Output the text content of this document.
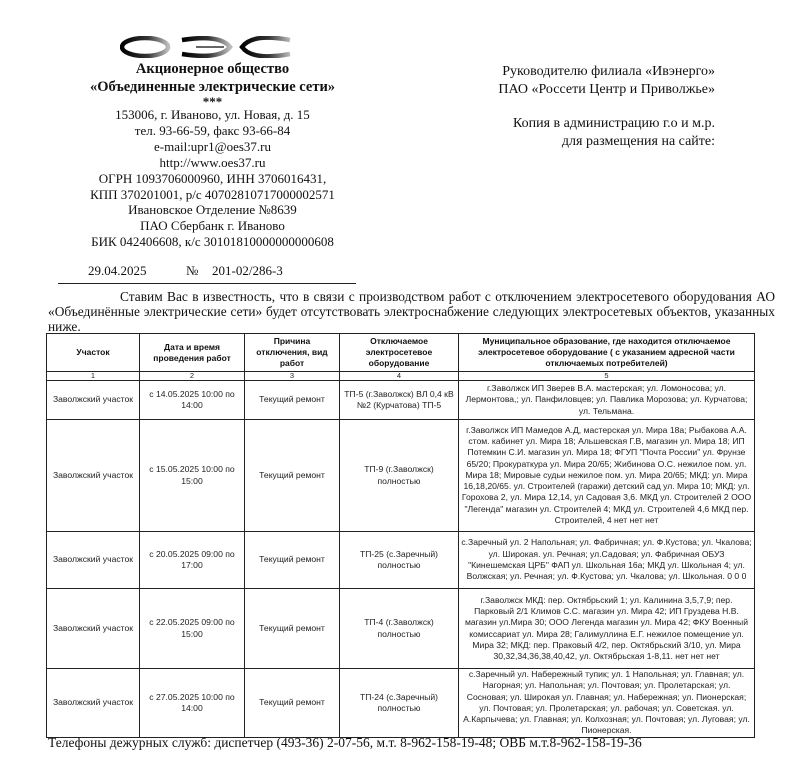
Акционерное общество
«Объединенные электрические сети»
***
153006, г. Иваново, ул. Новая, д. 15
тел. 93-66-59, факс 93-66-84
e-mail:upr1@oes37.ru
http://www.oes37.ru
ОГРН 1093706000960, ИНН 3706016431,
КПП 370201001, р/с 40702810717000002571
Ивановское Отделение №8639
ПАО Сбербанк г. Иваново
БИК 042406608, к/с 30101810000000000608
29.04.2025	№ 201-02/286-3
Руководителю филиала «Ивэнерго»
ПАО «Россети Центр и Приволжье»
Копия в администрацию г.о и м.р.
для размещения на сайте:
Ставим Вас в известность, что в связи с производством работ с отключением электросетевого оборудования АО «Объединённые электрические сети» будет отсутствовать электроснабжение следующих электросетевых объектов, указанных ниже.
Участок	Дата и время проведения работ	Причина отключения, вид работ	Отключаемое электросетевое оборудование	Муниципальное образование, где находится отключаемое электросетевое оборудование ( с указанием адресной части отключаемых потребителей)
1	2	3	4	5
Заволжский участок	с 14.05.2025 10:00 по 14:00	Текущий ремонт	ТП-5 (г.Заволжск) ВЛ 0,4 кВ №2 (Курчатова) ТП-5	г.Заволжск ИП Зверев В.А. мастерская; ул. Ломоносова; ул. Лермонтова,; ул. Панфиловцев; ул. Павлика Морозова; ул. Курчатова; ул. Тельмана.
Заволжский участок	с 15.05.2025 10:00 по 15:00	Текущий ремонт	ТП-9 (г.Заволжск) полностью	г.Заволжск ИП Мамедов А.Д, мастерская ул. Мира 18а; Рыбакова А.А. стом. кабинет ул. Мира 18; Альшевская Г.В, магазин ул. Мира 18; ИП Потемкин С.И. магазин ул. Мира 18; ФГУП "Почта России" ул. Фрунзе 65/20; Прокураткура ул. Мира 20/65; Жибинова О.С. нежилое пом. ул. Мира 18; Мировые судьи нежилое пом. ул. Мира 20/65; МКД: ул. Мира 16,18,20/65. ул. Строителей (гаражи) детский сад ул. Мира 10; МКД: ул. Горохова 2, ул. Мира 12,14, ул Садовая 3,6. МКД ул. Строителей 2 ООО "Легенда" магазин ул. Строителей 4; МКД ул. Строителей 4,6 МКД пер. Строителей, 4 нет нет нет
Заволжский участок	с 20.05.2025 09:00 по 17:00	Текущий ремонт	ТП-25 (с.Заречный) полностью	с.Заречный ул. 2 Напольная; ул. Фабричная; ул. Ф.Кустова; ул. Чкалова; ул. Широкая. ул. Речная; ул.Садовая; ул. Фабричная ОБУЗ "Кинешемская ЦРБ" ФАП ул. Школьная 16а; МКД ул. Школьная 4; ул. Волжская; ул. Речная; ул. Ф.Кустова; ул. Чкалова; ул. Школьная. 0 0 0
Заволжский участок	с 22.05.2025 09:00 по 15:00	Текущий ремонт	ТП-4 (г.Заволжск) полностью	г.Заволжск МКД: пер. Октябрьский 1; ул. Калинина 3,5,7,9; пер. Парковый 2/1 Климов С.С. магазин ул. Мира 42; ИП Груздева Н.В. магазин ул.Мира 30; ООО Легенда магазин ул. Мира 42; ФКУ Военный комиссариат ул. Мира 28; Галимуллина Е.Г. нежилое помещение ул. Мира 32; МКД: пер. Праковый 4/2, пер. Октябрьский 3/10, ул. Мира 30,32,34,36,38,40,42, ул. Октябрьская 1-8,11. нет нет нет
Заволжский участок	с 27.05.2025 10:00 по 14:00	Текущий ремонт	ТП-24 (с.Заречный) полностью	с.Заречный ул. Набережный тупик; ул. 1 Напольная; ул. Главная; ул. Нагорная; ул. Напольная; ул. Почтовая; ул. Пролетарская; ул. Сосновая; ул. Широкая ул. Главная; ул. Набережная; ул. Пионерская; ул. Почтовая; ул. Пролетарская; ул. рабочая; ул. Советская. ул. А.Карпычева; ул. Главная; ул. Колхозная; ул. Почтовая; ул. Луговая; ул. Пионерская.
Телефоны дежурных служб: диспетчер (493-36) 2-07-56, м.т. 8-962-158-19-48; ОВБ м.т.8-962-158-19-36
